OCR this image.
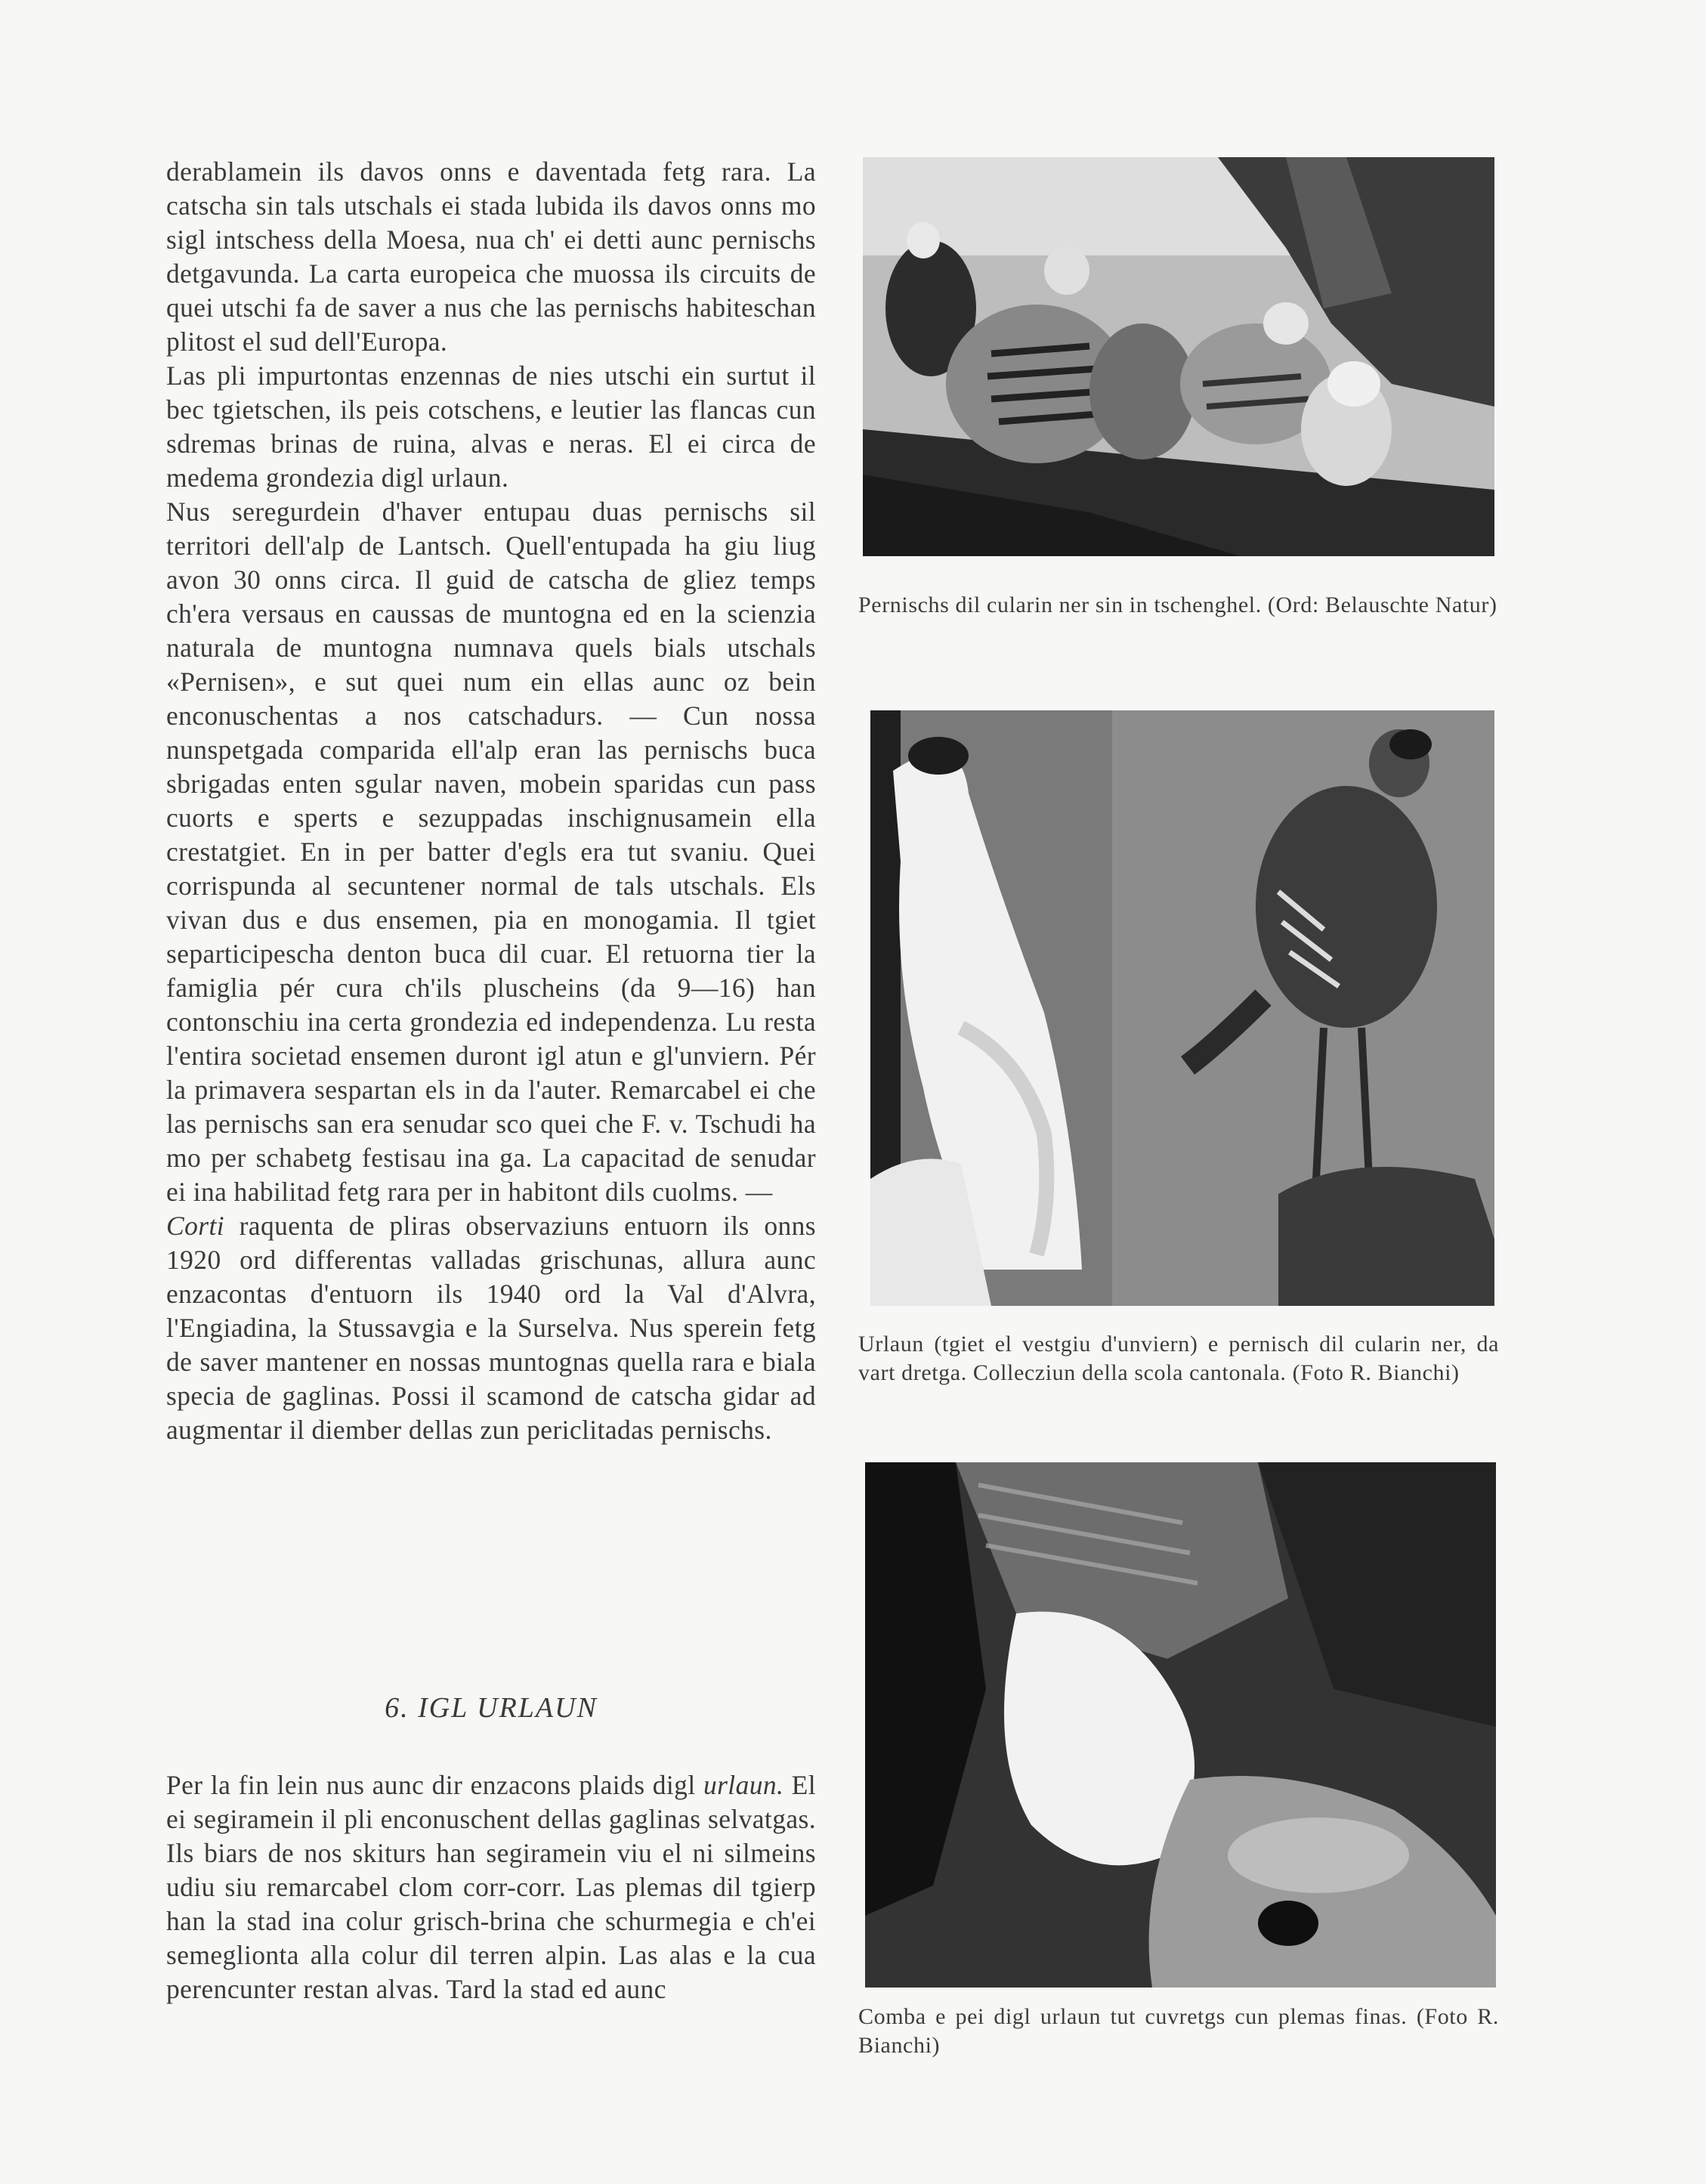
derablamein ils davos onns e daventada fetg rara. La catscha sin tals utschals ei stada lubida ils davos onns mo sigl intschess della Moesa, nua ch' ei detti aunc pernischs detgavunda. La carta europeica che muossa ils circuits de quei utschi fa de saver a nus che las pernischs habiteschan plitost el sud dell'Europa.

Las pli impurtontas enzennas de nies utschi ein surtut il bec tgietschen, ils peis cotschens, e leutier las flancas cun sdremas brinas de ruina, alvas e neras. El ei circa de medema grondezia digl urlaun.

Nus seregurdein d'haver entupau duas pernischs sil territori dell'alp de Lantsch. Quell'entupada ha giu liug avon 30 onns circa. Il guid de catscha de gliez temps ch'era versaus en caussas de muntogna ed en la scienzia naturala de muntogna numnava quels bials utschals «Pernisen», e sut quei num ein ellas aunc oz bein enconuschentas a nos catschadurs. — Cun nossa nunspetgada comparida ell'alp eran las pernischs buca sbrigadas enten sgular naven, mobein sparidas cun pass cuorts e sperts e sezuppadas inschignusamein ella crestatgiet. En in per batter d'egls era tut svaniu. Quei corrispunda al secuntener normal de tals utschals. Els vivan dus e dus ensemen, pia en monogamia. Il tgiet separticipescha denton buca dil cuar. El retuorna tier la famiglia pér cura ch'ils pluscheins (da 9—16) han contonschiu ina certa grondezia ed independenza. Lu resta l'entira societad ensemen duront igl atun e gl'unviern. Pér la primavera sespartan els in da l'auter. Remarcabel ei che las pernischs san era senudar sco quei che F. v. Tschudi ha mo per schabetg festisau ina ga. La capacitad de senudar ei ina habilitad fetg rara per in habitont dils cuolms. —

Corti raquenta de pliras observaziuns entuorn ils onns 1920 ord differentas valladas grischunas, allura aunc enzacontas d'entuorn ils 1940 ord la Val d'Alvra, l'Engiadina, la Stussavgia e la Surselva. Nus sperein fetg de saver mantener en nossas muntognas quella rara e biala specia de gaglinas. Possi il scamond de catscha gidar ad augmentar il diember dellas zun periclitadas pernischs.

6. IGL URLAUN

Per la fin lein nus aunc dir enzacons plaids digl urlaun. El ei segiramein il pli enconuschent dellas gaglinas selvatgas. Ils biars de nos skiturs han segiramein viu el ni silmeins udiu siu remarcabel clom corr-corr. Las plemas dil tgierp han la stad ina colur grisch-brina che schurmegia e ch'ei semeglionta alla colur dil terren alpin. Las alas e la cua perencunter restan alvas. Tard la stad ed aunc

Pernischs dil cularin ner sin in tschenghel. (Ord: Belauschte Natur)
Urlaun (tgiet el vestgiu d'unviern) e pernisch dil cularin ner, da vart dretga. Collecziun della scola cantonala. (Foto R. Bianchi)
Comba e pei digl urlaun tut cuvretgs cun plemas finas. (Foto R. Bianchi)
